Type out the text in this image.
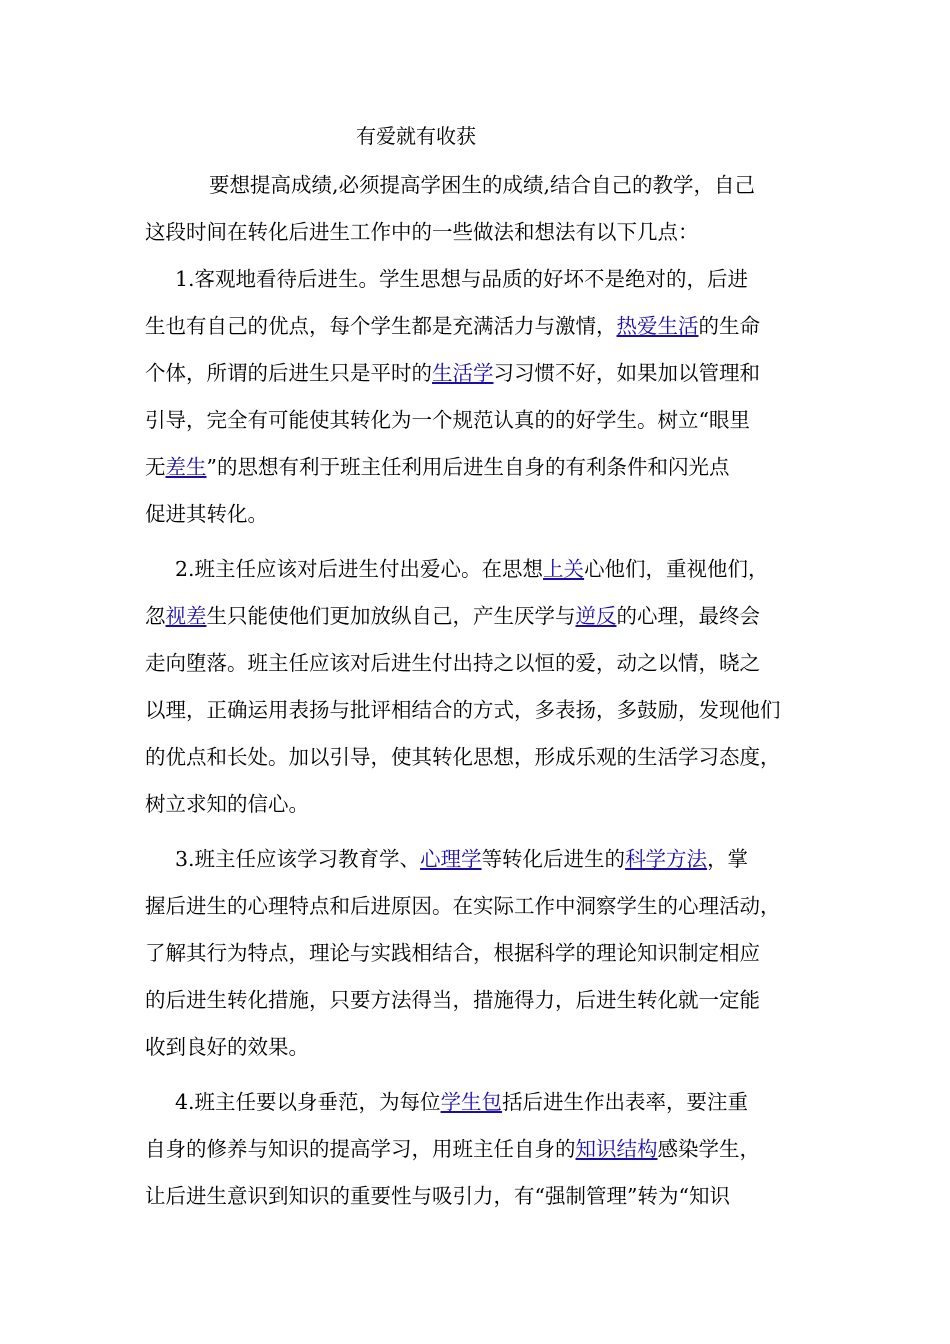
有爱就有收获
要想提高成绩,必须提高学困生的成绩,结合自己的教学，自己
这段时间在转化后进生工作中的一些做法和想法有以下几点：
1.客观地看待后进生。学生思想与品质的好坏不是绝对的，后进
生也有自己的优点，每个学生都是充满活力与激情，热爱生活的生命
个体，所谓的后进生只是平时的生活学习习惯不好，如果加以管理和
引导，完全有可能使其转化为一个规范认真的的好学生。树立“眼里
无差生”的思想有利于班主任利用后进生自身的有利条件和闪光点
促进其转化。
2.班主任应该对后进生付出爱心。在思想上关心他们，重视他们，
忽视差生只能使他们更加放纵自己，产生厌学与逆反的心理，最终会
走向堕落。班主任应该对后进生付出持之以恒的爱，动之以情，晓之
以理，正确运用表扬与批评相结合的方式，多表扬，多鼓励，发现他们
的优点和长处。加以引导，使其转化思想，形成乐观的生活学习态度，
树立求知的信心。
3.班主任应该学习教育学、心理学等转化后进生的科学方法，掌
握后进生的心理特点和后进原因。在实际工作中洞察学生的心理活动，
了解其行为特点，理论与实践相结合，根据科学的理论知识制定相应
的后进生转化措施，只要方法得当，措施得力，后进生转化就一定能
收到良好的效果。
4.班主任要以身垂范，为每位学生包括后进生作出表率，要注重
自身的修养与知识的提高学习，用班主任自身的知识结构感染学生，
让后进生意识到知识的重要性与吸引力，有“强制管理”转为“知识
